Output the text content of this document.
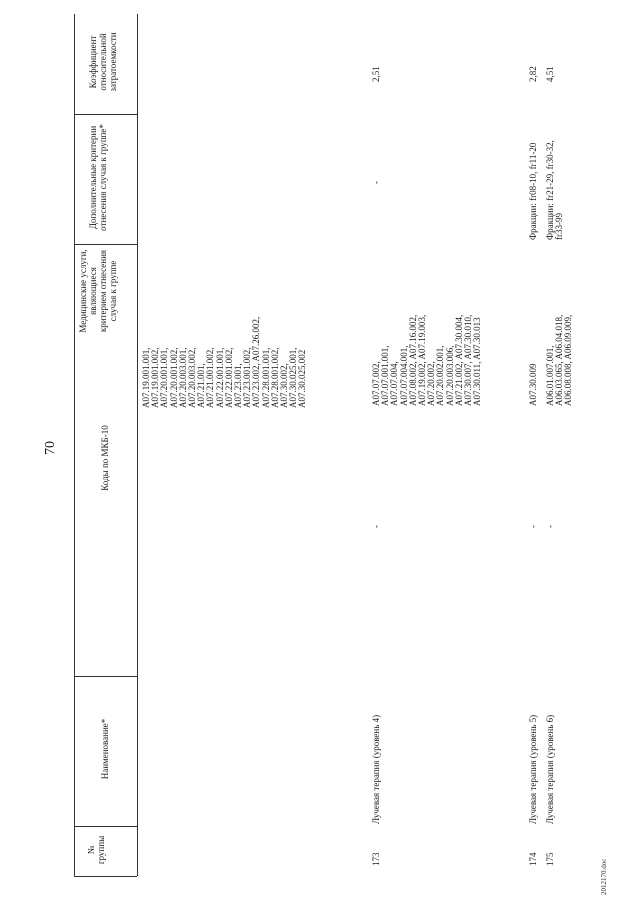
70
2012170.doc
№
группы
Наименование*
Коды по МКБ-10
Медицинские услуги, являющиеся критерием отнесения случая к группе
Дополнительные критерии отнесения случая к группе*
Коэффициент относительной затратоемкости
A07.19.001.001, A07.19.001.002, A07.20.001.001, A07.20.001.002, A07.20.003.001, A07.20.003.002, A07.21.001, A07.21.001.002, A07.22.001.001, A07.22.001.002, A07.23.001, A07.23.001.002, A07.23.002, A07.26.002, A07.28.001.001, A07.28.001.002, A07.30.002, A07.30.025.001, A07.30.025.002
173
Лучевая терапия (уровень 4)
-
A07.07.002, A07.07.001.001, A07.07.004, A07.07.004.001, A07.08.002, A07.16.002, A07.19.002, A07.19.003, A07.20.002, A07.20.002.001, A07.20.003.006, A07.21.002, A07.30.004, A07.30.007, A07.30.010, A07.30.011, A07.30.013
-
2,51
174
Лучевая терапия (уровень 5)
-
A07.30.009
Фракции: fr08-10, fr11-20
2,82
175
Лучевая терапия (уровень 6)
-
A06.01.007.001, A06.03.065, A06.04.018, A06.08.008, A06.09.009,
Фракции: fr21-29, fr30-32, fr33-99
4,51
